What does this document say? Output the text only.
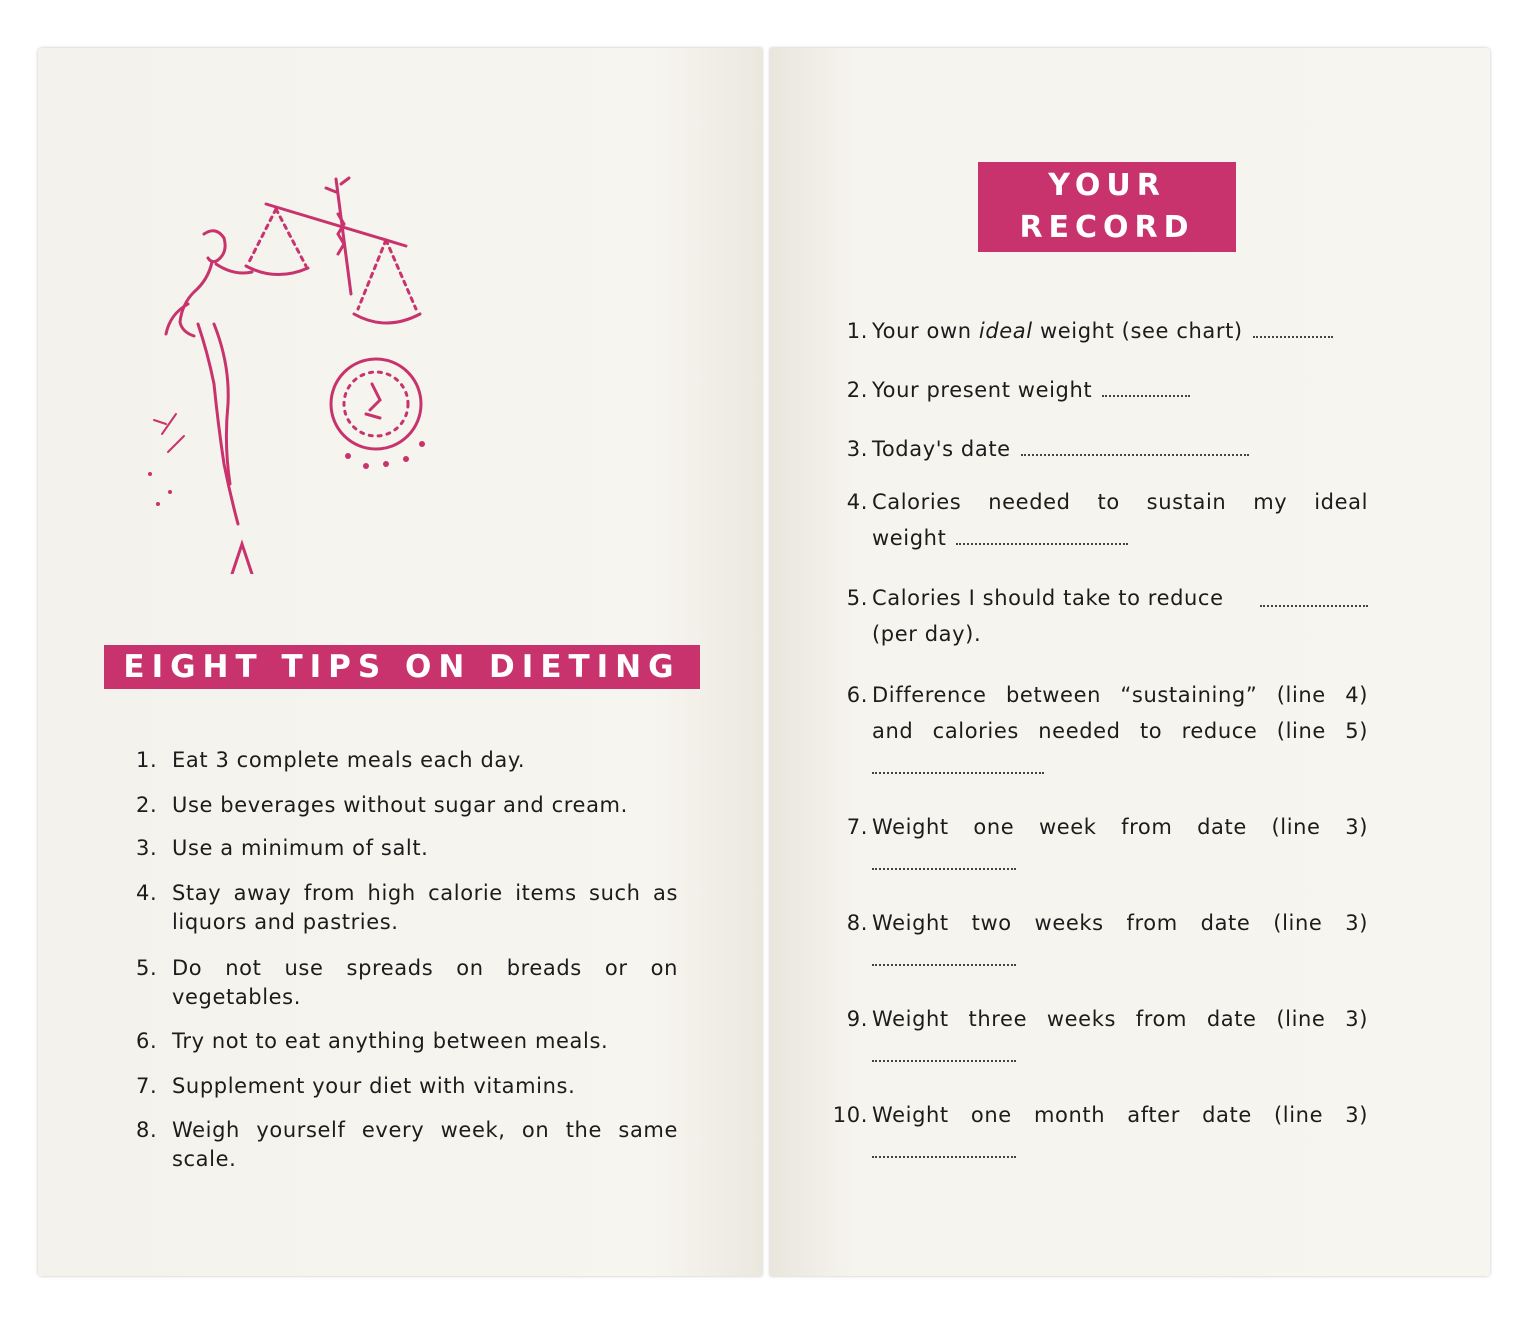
EIGHT TIPS ON DIETING
1. Eat 3 complete meals each day.
2. Use beverages without sugar and cream.
3. Use a minimum of salt.
4. Stay away from high calorie items such as liquors and pastries.
5. Do not use spreads on breads or on vegetables.
6. Try not to eat anything between meals.
7. Supplement your diet with vitamins.
8. Weigh yourself every week, on the same scale.
YOUR
RECORD
1. Your own ideal weight (see chart)
2. Your present weight
3. Today's date
4. Calories needed to sustain my ideal
weight
5. Calories I should take to reduce
(per day).
6. Difference between “sustaining” (line 4)
and calories needed to reduce (line 5)
7. Weight one week from date (line 3)
8. Weight two weeks from date (line 3)
9. Weight three weeks from date (line 3)
10. Weight one month after date (line 3)
